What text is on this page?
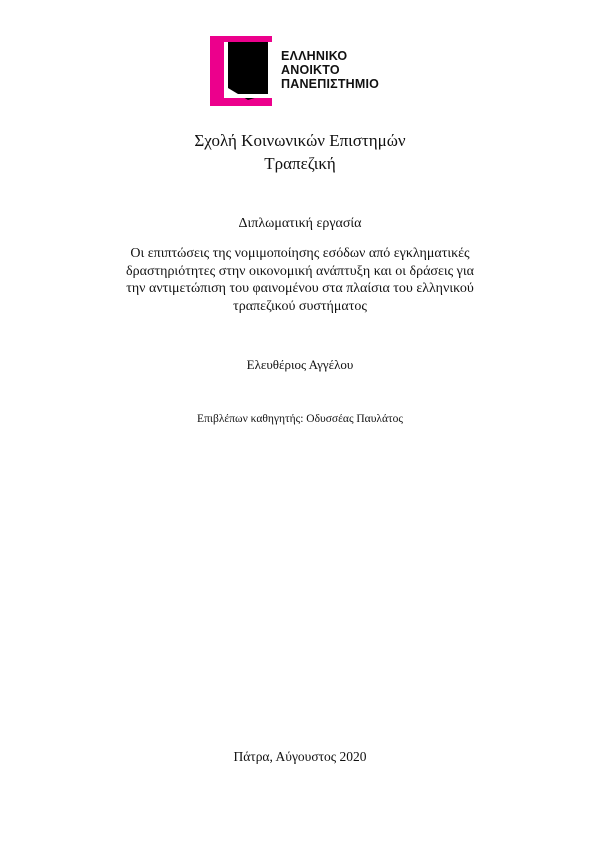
ΕΛΛΗΝΙΚΟ
ΑΝΟΙΚΤΟ
ΠΑΝΕΠΙΣΤΗΜΙΟ
Σχολή Κοινωνικών Επιστημών
Τραπεζική
Διπλωματική εργασία
Οι επιπτώσεις της νομιμοποίησης εσόδων από εγκληματικές
δραστηριότητες στην οικονομική ανάπτυξη και οι δράσεις για
την αντιμετώπιση του φαινομένου στα πλαίσια του ελληνικού
τραπεζικού συστήματος
Ελευθέριος Αγγέλου
Επιβλέπων καθηγητής: Οδυσσέας Παυλάτος
Πάτρα, Αύγουστος 2020
